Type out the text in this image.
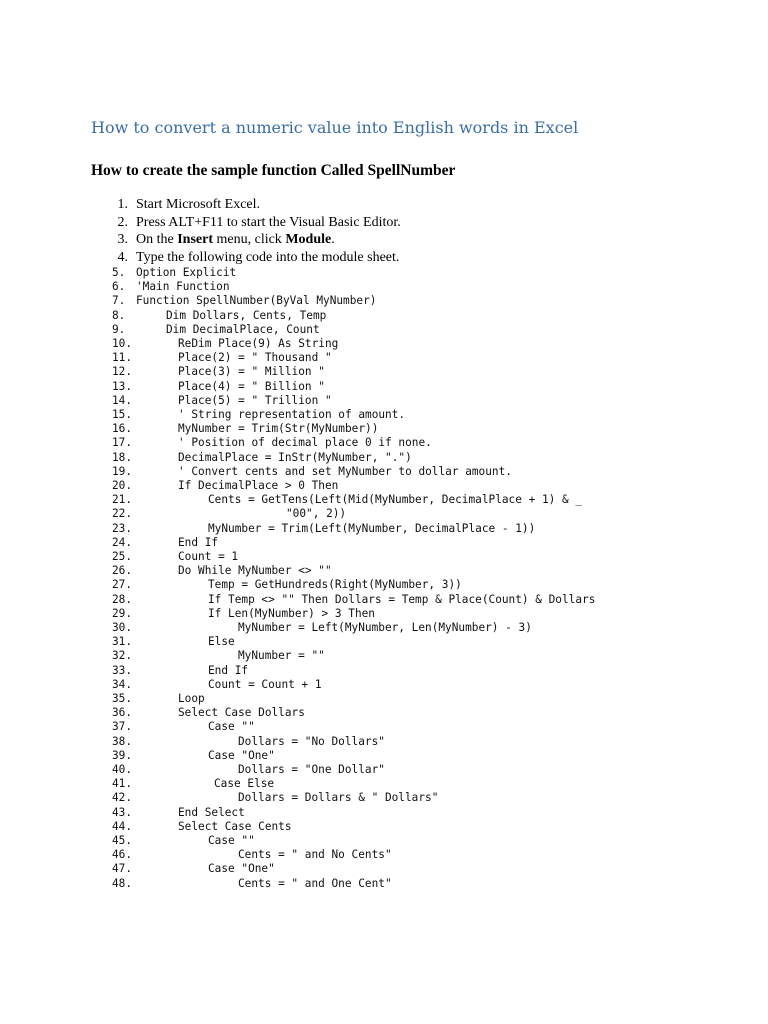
How to convert a numeric value into English words in Excel
How to create the sample function Called SpellNumber
1. Start Microsoft Excel.
2. Press ALT+F11 to start the Visual Basic Editor.
3. On the Insert menu, click Module.
4. Type the following code into the module sheet.
5. Option Explicit
6. 'Main Function
7. Function SpellNumber(ByVal MyNumber)
8.	Dim Dollars, Cents, Temp
9.	Dim DecimalPlace, Count
10.	ReDim Place(9) As String
11.	Place(2) = " Thousand "
12.	Place(3) = " Million "
13.	Place(4) = " Billion "
14.	Place(5) = " Trillion "
15.	' String representation of amount.
16.	MyNumber = Trim(Str(MyNumber))
17.	' Position of decimal place 0 if none.
18.	DecimalPlace = InStr(MyNumber, ".")
19.	' Convert cents and set MyNumber to dollar amount.
20.	If DecimalPlace > 0 Then
21.	Cents = GetTens(Left(Mid(MyNumber, DecimalPlace + 1) & _
22.	"00", 2))
23.	MyNumber = Trim(Left(MyNumber, DecimalPlace - 1))
24.	End If
25.	Count = 1
26.	Do While MyNumber <> ""
27.	Temp = GetHundreds(Right(MyNumber, 3))
28.	If Temp <> "" Then Dollars = Temp & Place(Count) & Dollars
29.	If Len(MyNumber) > 3 Then
30.	MyNumber = Left(MyNumber, Len(MyNumber) - 3)
31.	Else
32.	MyNumber = ""
33.	End If
34.	Count = Count + 1
35.	Loop
36.	Select Case Dollars
37.	Case ""
38.	Dollars = "No Dollars"
39.	Case "One"
40.	Dollars = "One Dollar"
41.	Case Else
42.	Dollars = Dollars & " Dollars"
43.	End Select
44.	Select Case Cents
45.	Case ""
46.	Cents = " and No Cents"
47.	Case "One"
48.	Cents = " and One Cent"
